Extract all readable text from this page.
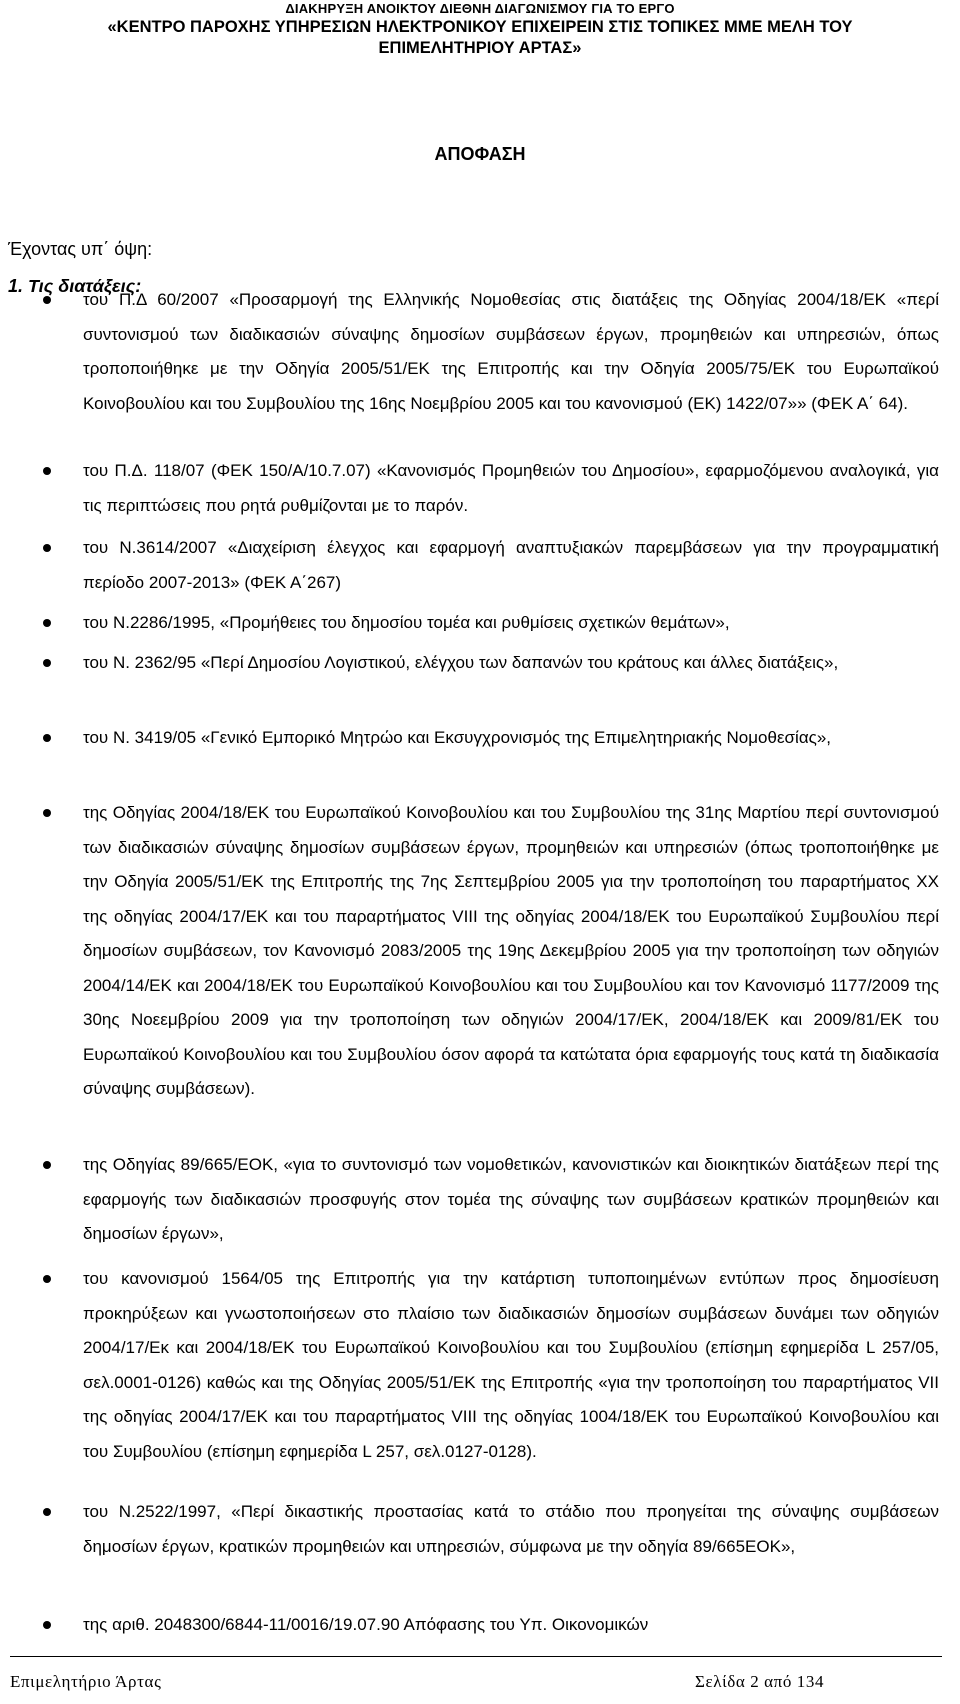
ΔΙΑΚΗΡΥΞΗ ΑΝΟΙΚΤΟΥ ΔΙΕΘΝΗ ΔΙΑΓΩΝΙΣΜΟΥ ΓΙΑ ΤΟ ΕΡΓΟ
«ΚΕΝΤΡΟ ΠΑΡΟΧΗΣ ΥΠΗΡΕΣΙΩΝ ΗΛΕΚΤΡΟΝΙΚΟΥ ΕΠΙΧΕΙΡΕΙΝ ΣΤΙΣ ΤΟΠΙΚΕΣ ΜΜΕ ΜΕΛΗ ΤΟΥ
ΕΠΙΜΕΛΗΤΗΡΙΟΥ ΑΡΤΑΣ»
ΑΠΟΦΑΣΗ
Έχοντας υπ΄ όψη:
1. Τις διατάξεις:
του Π.Δ 60/2007 «Προσαρμογή της Ελληνικής Νομοθεσίας στις διατάξεις της Οδηγίας 2004/18/ΕΚ «περί συντονισμού των διαδικασιών σύναψης δημοσίων συμβάσεων έργων, προμηθειών και υπηρεσιών, όπως τροποποιήθηκε με την Οδηγία 2005/51/ΕΚ της Επιτροπής και την Οδηγία 2005/75/ΕΚ του Ευρωπαϊκού Κοινοβουλίου και του Συμβουλίου της 16ης Νοεμβρίου 2005 και του κανονισμού (ΕΚ) 1422/07»» (ΦΕΚ Α΄ 64).
του Π.Δ. 118/07 (ΦΕΚ 150/Α/10.7.07) «Κανονισμός Προμηθειών του Δημοσίου», εφαρμοζόμενου αναλογικά, για τις περιπτώσεις που ρητά ρυθμίζονται με το παρόν.
του Ν.3614/2007 «Διαχείριση έλεγχος και εφαρμογή αναπτυξιακών παρεμβάσεων για την προγραμματική περίοδο 2007-2013» (ΦΕΚ Α΄267)
του Ν.2286/1995, «Προμήθειες του δημοσίου τομέα και ρυθμίσεις σχετικών θεμάτων»,
του Ν. 2362/95 «Περί Δημοσίου Λογιστικού, ελέγχου των δαπανών του κράτους και άλλες διατάξεις»,
του Ν. 3419/05 «Γενικό Εμπορικό Μητρώο και Εκσυγχρονισμός της Επιμελητηριακής Νομοθεσίας»,
της Οδηγίας 2004/18/ΕΚ του Ευρωπαϊκού Κοινοβουλίου και του Συμβουλίου της 31ης Μαρτίου περί συντονισμού των διαδικασιών σύναψης δημοσίων συμβάσεων έργων, προμηθειών και υπηρεσιών (όπως τροποποιήθηκε με την Οδηγία 2005/51/ΕΚ της Επιτροπής της 7ης Σεπτεμβρίου 2005 για την τροποποίηση του παραρτήματος ΧΧ της οδηγίας 2004/17/ΕΚ και του παραρτήματος VIII της οδηγίας 2004/18/ΕΚ του Ευρωπαϊκού Συμβουλίου περί δημοσίων συμβάσεων, τον Κανονισμό 2083/2005 της 19ης Δεκεμβρίου 2005 για την τροποποίηση των οδηγιών 2004/14/ΕΚ και 2004/18/ΕΚ του Ευρωπαϊκού Κοινοβουλίου και του Συμβουλίου και τον Κανονισμό 1177/2009 της 30ης Νοεεμβρίου 2009 για την τροποποίηση των οδηγιών 2004/17/ΕΚ, 2004/18/ΕΚ και 2009/81/ΕΚ του Ευρωπαϊκού Κοινοβουλίου και του Συμβουλίου όσον αφορά τα κατώτατα όρια εφαρμογής τους κατά τη διαδικασία σύναψης συμβάσεων).
της Οδηγίας 89/665/ΕΟΚ, «για το συντονισμό των νομοθετικών, κανονιστικών και διοικητικών διατάξεων περί της εφαρμογής των διαδικασιών προσφυγής στον τομέα της σύναψης των συμβάσεων κρατικών προμηθειών και δημοσίων έργων»,
του κανονισμού 1564/05 της Επιτροπής για την κατάρτιση τυποποιημένων εντύπων προς δημοσίευση προκηρύξεων και γνωστοποιήσεων στο πλαίσιο των διαδικασιών δημοσίων συμβάσεων δυνάμει των οδηγιών 2004/17/Εκ και 2004/18/ΕΚ του Ευρωπαϊκού Κοινοβουλίου και του Συμβουλίου (επίσημη εφημερίδα L 257/05, σελ.0001-0126) καθώς και της Οδηγίας 2005/51/ΕΚ της Επιτροπής «για την τροποποίηση του παραρτήματος VII της οδηγίας 2004/17/ΕΚ και του παραρτήματος VIII της οδηγίας 1004/18/ΕΚ του Ευρωπαϊκού Κοινοβουλίου και του Συμβουλίου (επίσημη εφημερίδα L 257, σελ.0127-0128).
του Ν.2522/1997, «Περί δικαστικής προστασίας κατά το στάδιο που προηγείται της σύναψης συμβάσεων δημοσίων έργων, κρατικών προμηθειών και υπηρεσιών, σύμφωνα με την οδηγία 89/665ΕΟΚ»,
της αριθ. 2048300/6844-11/0016/19.07.90 Απόφασης του Υπ. Οικονομικών
Επιμελητήριο Άρτας	Σελίδα 2 από 134
